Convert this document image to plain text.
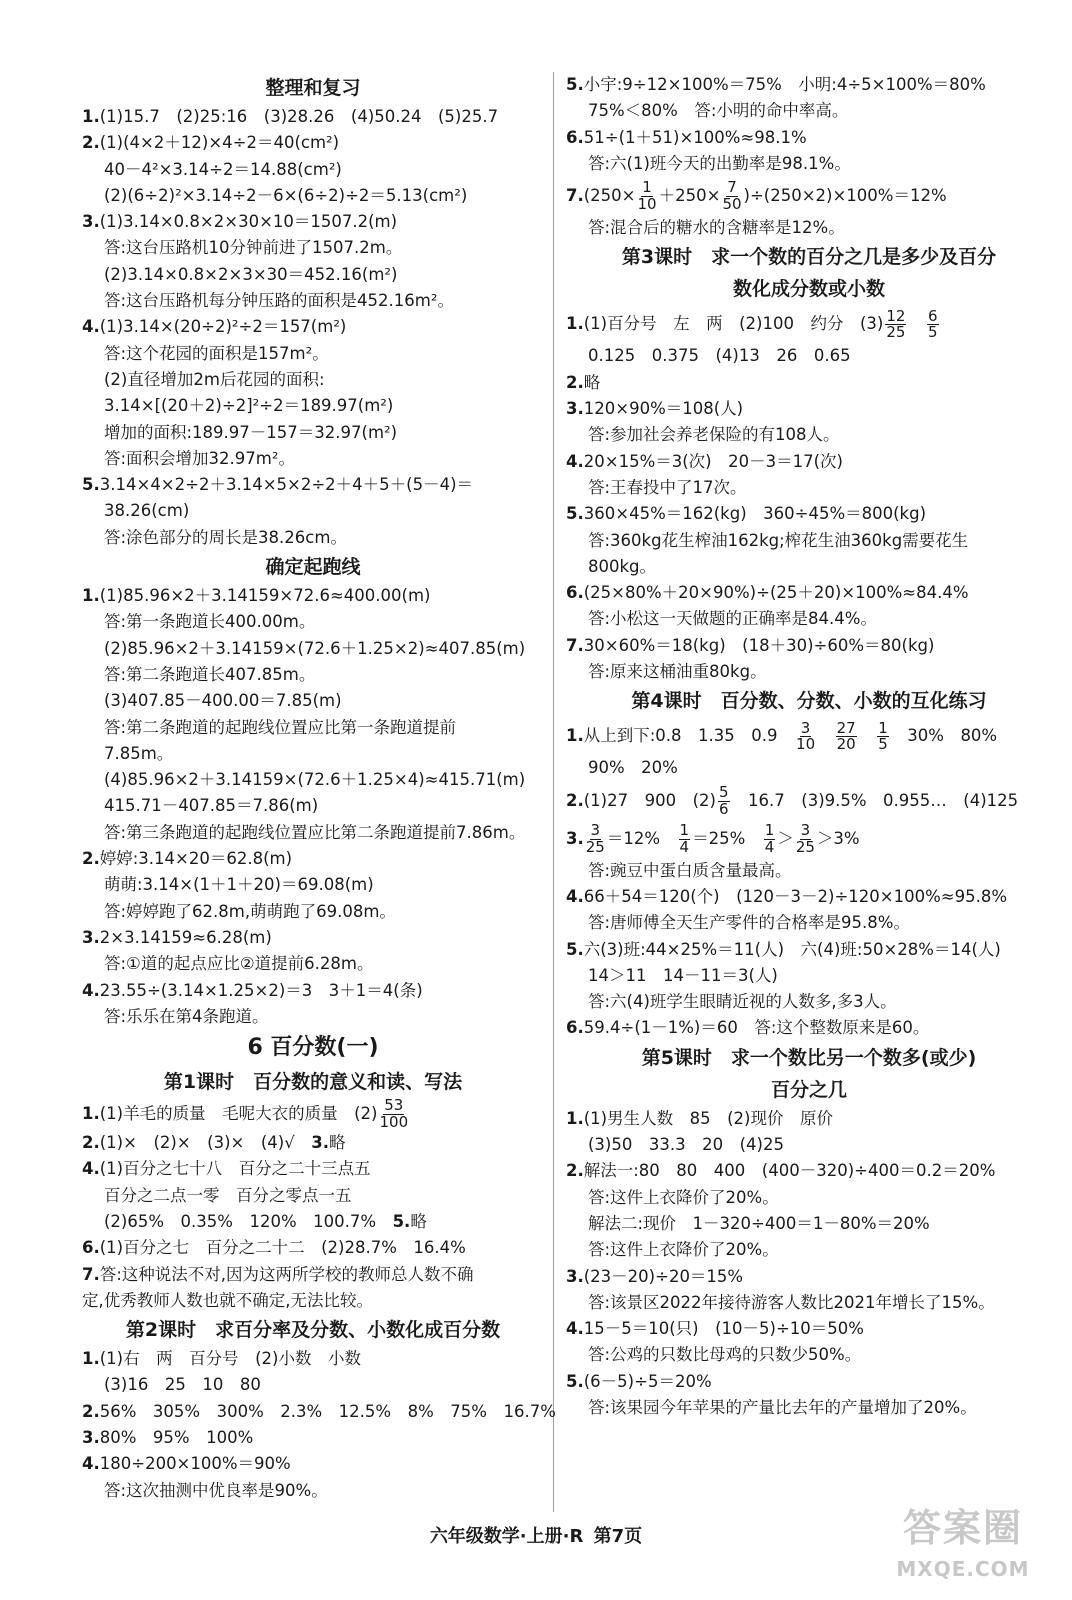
整理和复习
1.(1)15.7　(2)25:16　(3)28.26　(4)50.24　(5)25.7
2.(1)(4×2＋12)×4÷2＝40(cm²)
40－4²×3.14÷2＝14.88(cm²)
(2)(6÷2)²×3.14÷2－6×(6÷2)÷2＝5.13(cm²)
3.(1)3.14×0.8×2×30×10＝1507.2(m)
答:这台压路机10分钟前进了1507.2m。
(2)3.14×0.8×2×3×30＝452.16(m²)
答:这台压路机每分钟压路的面积是452.16m²。
4.(1)3.14×(20÷2)²÷2＝157(m²)
答:这个花园的面积是157m²。
(2)直径增加2m后花园的面积:
3.14×[(20＋2)÷2]²÷2＝189.97(m²)
增加的面积:189.97－157＝32.97(m²)
答:面积会增加32.97m²。
5.3.14×4×2÷2＋3.14×5×2÷2＋4＋5＋(5－4)＝
38.26(cm)
答:涂色部分的周长是38.26cm。
确定起跑线
1.(1)85.96×2＋3.14159×72.6≈400.00(m)
答:第一条跑道长400.00m。
(2)85.96×2＋3.14159×(72.6＋1.25×2)≈407.85(m)
答:第二条跑道长407.85m。
(3)407.85－400.00＝7.85(m)
答:第二条跑道的起跑线位置应比第一条跑道提前
7.85m。
(4)85.96×2＋3.14159×(72.6＋1.25×4)≈415.71(m)
415.71－407.85＝7.86(m)
答:第三条跑道的起跑线位置应比第二条跑道提前7.86m。
2.婷婷:3.14×20＝62.8(m)
萌萌:3.14×(1＋1＋20)＝69.08(m)
答:婷婷跑了62.8m,萌萌跑了69.08m。
3.2×3.14159≈6.28(m)
答:①道的起点应比②道提前6.28m。
4.23.55÷(3.14×1.25×2)＝3　3＋1＝4(条)
答:乐乐在第4条跑道。
6 百分数(一)
第1课时　百分数的意义和读、写法
1.(1)羊毛的质量　毛呢大衣的质量　$(2) \frac{53}{100}$
2.(1)×　(2)×　(3)×　(4)√　 3.略
4.(1)百分之七十八　百分之二十三点五
百分之二点一零　百分之零点一五
(2)65%　0.35%　120%　100.7%　 5.略
6.(1)百分之七　百分之二十二　(2)28.7%　16.4%
7.答:这种说法不对,因为这两所学校的教师总人数不确
定,优秀教师人数也就不确定,无法比较。
第2课时　求百分率及分数、小数化成百分数
1.(1)右　两　百分号　(2)小数　小数
(3)16　25　10　80
2.56%　305%　300%　2.3%　12.5%　8%　75%　16.7%
3.80%　95%　100%
4.180÷200×100%＝90%
答:这次抽测中优良率是90%。
5.小宇:9÷12×100%＝75%　小明:4÷5×100%＝80%
75%＜80%　答:小明的命中率高。
6.51÷(1＋51)×100%≈98.1%
答:六(1)班今天的出勤率是98.1%。
$7.(250\times \frac{1}{10} +250\times \frac{7}{50} )\div(250\times 2)\times 100\%=12\%$
答:混合后的糖水的含糖率是12%。
第3课时　求一个数的百分之几是多少及百分
数化成分数或小数
1.(1)百分号　左　两　(2)100　约分　$(3) \frac{12}{25}$
　 $\frac{6}{5}$
0.125　0.375　(4)13　26　0.65
2.略
3.120×90%＝108(人)
答:参加社会养老保险的有108人。
4.20×15%＝3(次)　20－3＝17(次)
答:王春投中了17次。
5.360×45%＝162(kg)　360÷45%＝800(kg)
答:360kg花生榨油162kg;榨花生油360kg需要花生
800kg。
6.(25×80%＋20×90%)÷(25＋20)×100%≈84.4%
答:小松这一天做题的正确率是84.4%。
7.30×60%＝18(kg)　(18＋30)÷60%＝80(kg)
答:原来这桶油重80kg。
第4课时　百分数、分数、小数的互化练习
1.从上到下:0.8　1.35　0.9　 $\frac{3}{10}$
　 $\frac{27}{20}$
　 $\frac{1}{5}$
　 30%　80%
90%　20%
2.(1)27　900　$(2) \frac{5}{6}$
　 16.7　(3)9.5%　0.955…　(4)125
3. $\frac{3}{25} =12\%$　 $\frac{1}{4} =25\%$　 $\frac{1}{4} > \frac{3}{25} >3\%$
答:豌豆中蛋白质含量最高。
4.66＋54＝120(个)　(120－3－2)÷120×100%≈95.8%
答:唐师傅全天生产零件的合格率是95.8%。
5.六(3)班:44×25%＝11(人)　六(4)班:50×28%＝14(人)
14＞11　14－11＝3(人)
答:六(4)班学生眼睛近视的人数多,多3人。
6.59.4÷(1－1%)＝60　答:这个整数原来是60。
第5课时　求一个数比另一个数多(或少)
百分之几
1.(1)男生人数　85　(2)现价　原价
(3)50　33.3　20　(4)25
2.解法一:80　80　400　(400－320)÷400＝0.2＝20%
答:这件上衣降价了20%。
解法二:现价　1－320÷400＝1－80%＝20%
答:这件上衣降价了20%。
3.(23－20)÷20＝15%
答:该景区2022年接待游客人数比2021年增长了15%。
4.15－5＝10(只)　(10－5)÷10＝50%
答:公鸡的只数比母鸡的只数少50%。
5.(6－5)÷5＝20%
答:该果园今年苹果的产量比去年的产量增加了20%。
六年级数学·上册·R 第7页	答案圈
MXQE.COM
